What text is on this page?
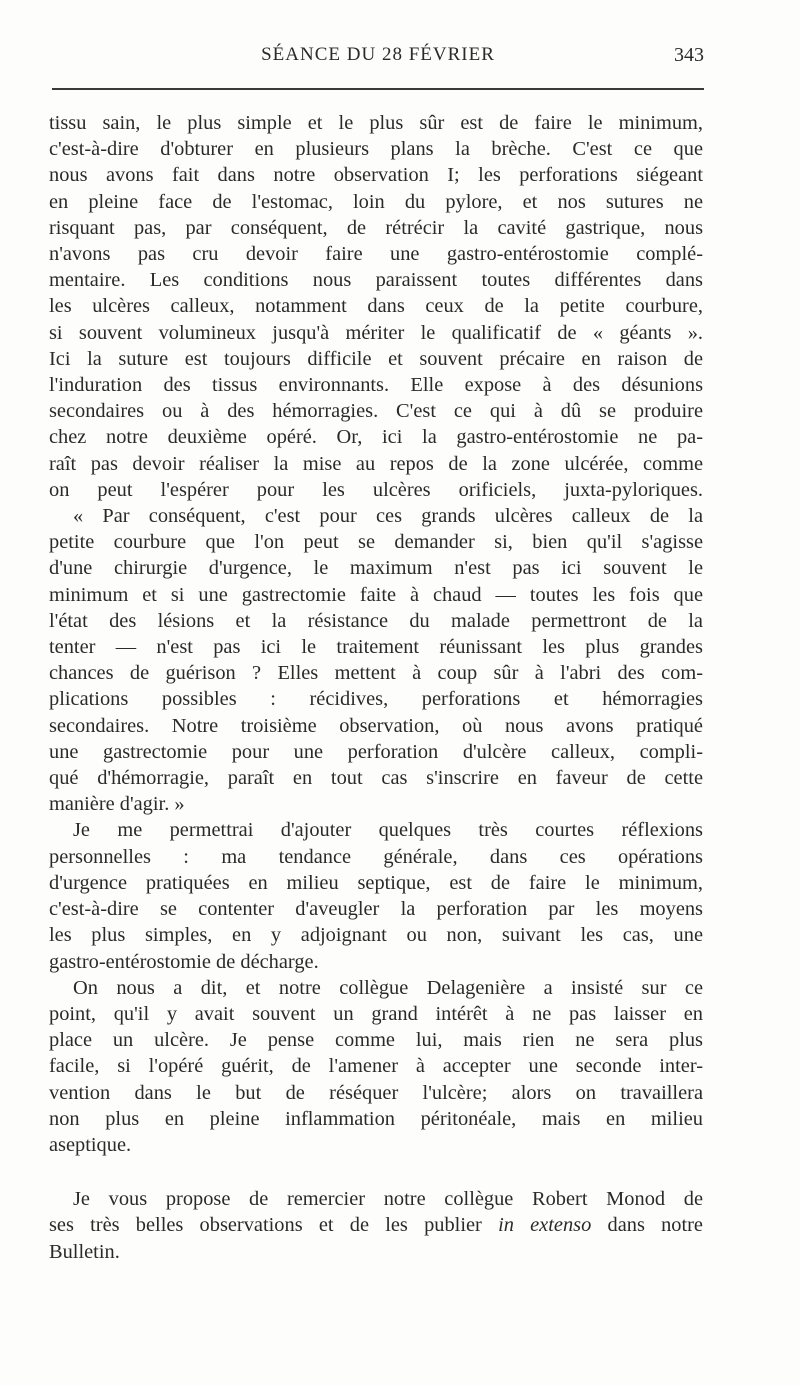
SÉANCE DU 28 FÉVRIER	343

tissu sain, le plus simple et le plus sûr est de faire le minimum,
c'est-à-dire d'obturer en plusieurs plans la brèche. C'est ce que
nous avons fait dans notre observation I; les perforations siégeant
en pleine face de l'estomac, loin du pylore, et nos sutures ne
risquant pas, par conséquent, de rétrécir la cavité gastrique, nous
n'avons pas cru devoir faire une gastro-entérostomie complé-
mentaire. Les conditions nous paraissent toutes différentes dans
les ulcères calleux, notamment dans ceux de la petite courbure,
si souvent volumineux jusqu'à mériter le qualificatif de « géants ».
Ici la suture est toujours difficile et souvent précaire en raison de
l'induration des tissus environnants. Elle expose à des désunions
secondaires ou à des hémorragies. C'est ce qui à dû se produire
chez notre deuxième opéré. Or, ici la gastro-entérostomie ne pa-
raît pas devoir réaliser la mise au repos de la zone ulcérée, comme
on peut l'espérer pour les ulcères orificiels, juxta-pyloriques.

« Par conséquent, c'est pour ces grands ulcères calleux de la
petite courbure que l'on peut se demander si, bien qu'il s'agisse
d'une chirurgie d'urgence, le maximum n'est pas ici souvent le
minimum et si une gastrectomie faite à chaud — toutes les fois que
l'état des lésions et la résistance du malade permettront de la
tenter — n'est pas ici le traitement réunissant les plus grandes
chances de guérison ? Elles mettent à coup sûr à l'abri des com-
plications possibles : récidives, perforations et hémorragies
secondaires. Notre troisième observation, où nous avons pratiqué
une gastrectomie pour une perforation d'ulcère calleux, compli-
qué d'hémorragie, paraît en tout cas s'inscrire en faveur de cette
manière d'agir. »

Je me permettrai d'ajouter quelques très courtes réflexions
personnelles : ma tendance générale, dans ces opérations
d'urgence pratiquées en milieu septique, est de faire le minimum,
c'est-à-dire se contenter d'aveugler la perforation par les moyens
les plus simples, en y adjoignant ou non, suivant les cas, une
gastro-entérostomie de décharge.

On nous a dit, et notre collègue Delagenière a insisté sur ce
point, qu'il y avait souvent un grand intérêt à ne pas laisser en
place un ulcère. Je pense comme lui, mais rien ne sera plus
facile, si l'opéré guérit, de l'amener à accepter une seconde inter-
vention dans le but de réséquer l'ulcère; alors on travaillera
non plus en pleine inflammation péritonéale, mais en milieu
aseptique.

Je vous propose de remercier notre collègue Robert Monod de
ses très belles observations et de les publier in extenso dans notre
Bulletin.
